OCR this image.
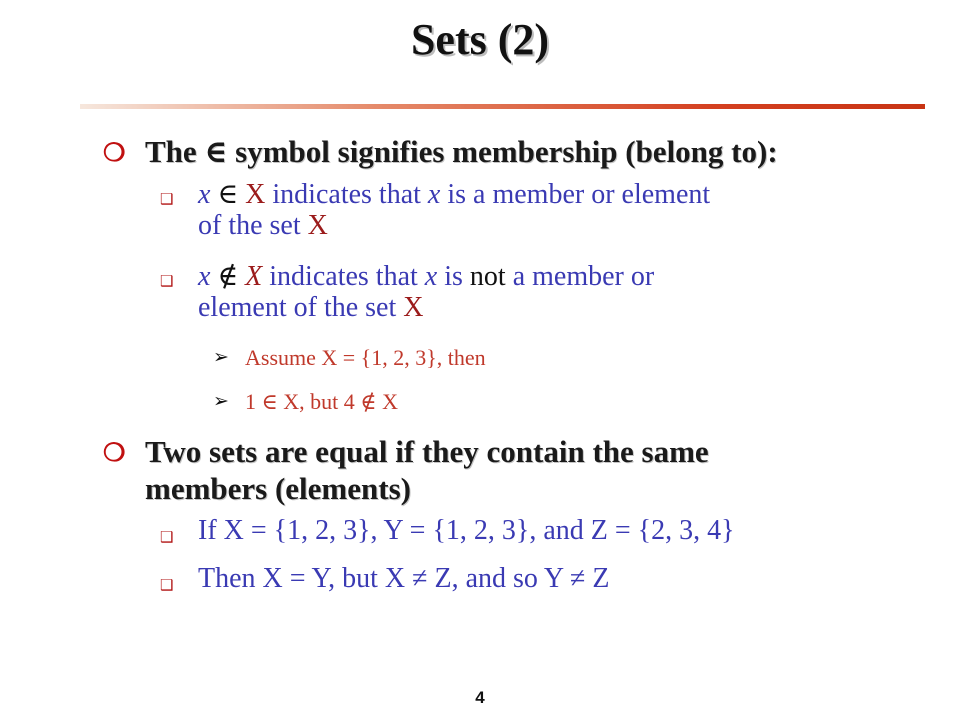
Sets (2)
❍ The ∈ symbol signifies membership (belong to):
❑ x ∈ X indicates that x is a member or element
of the set X
❑ x ∉ X indicates that x is not a member or
element of the set X
➢ Assume X = {1, 2, 3}, then
➢ 1 ∈ X, but 4 ∉ X
❍ Two sets are equal if they contain the same
members (elements)
❑ If X = {1, 2, 3}, Y = {1, 2, 3}, and Z = {2, 3, 4}
❑ Then X = Y, but X ≠ Z, and so Y ≠ Z
4
